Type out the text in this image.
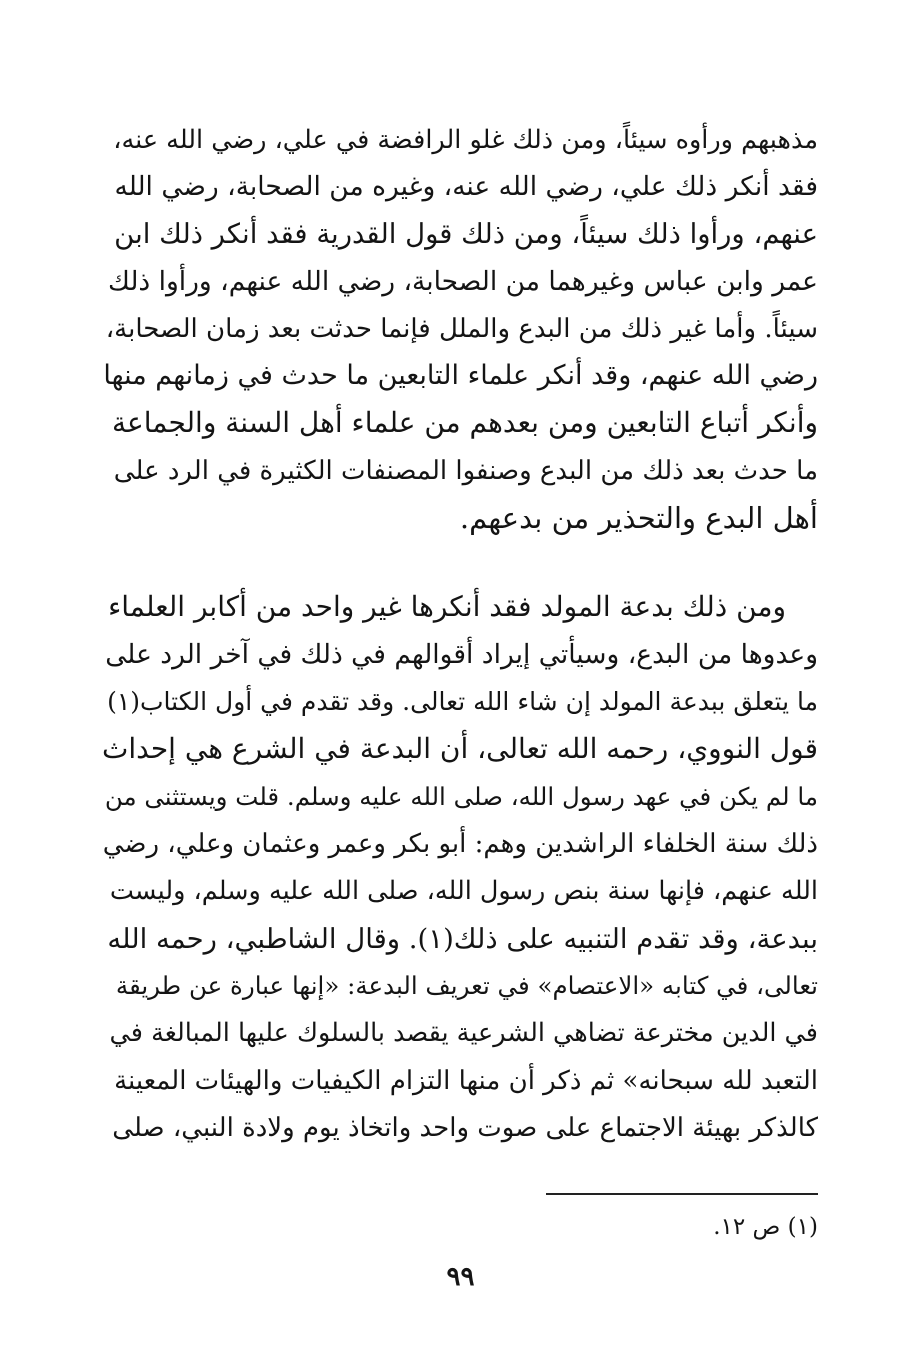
مذهبهم ورأوه سيئاً، ومن ذلك غلو الرافضة في علي، رضي الله عنه،
فقد أنكر ذلك علي، رضي الله عنه، وغيره من الصحابة، رضي الله
عنهم، ورأوا ذلك سيئاً، ومن ذلك قول القدرية فقد أنكر ذلك ابن
عمر وابن عباس وغيرهما من الصحابة، رضي الله عنهم، ورأوا ذلك
سيئاً. وأما غير ذلك من البدع والملل فإنما حدثت بعد زمان الصحابة،
رضي الله عنهم، وقد أنكر علماء التابعين ما حدث في زمانهم منها
وأنكر أتباع التابعين ومن بعدهم من علماء أهل السنة والجماعة
ما حدث بعد ذلك من البدع وصنفوا المصنفات الكثيرة في الرد على
أهل البدع والتحذير من بدعهم.
ومن ذلك بدعة المولد فقد أنكرها غير واحد من أكابر العلماء
وعدوها من البدع، وسيأتي إيراد أقوالهم في ذلك في آخر الرد على
ما يتعلق ببدعة المولد إن شاء الله تعالى. وقد تقدم في أول الكتاب(١)
قول النووي، رحمه الله تعالى، أن البدعة في الشرع هي إحداث
ما لم يكن في عهد رسول الله، صلى الله عليه وسلم. قلت ويستثنى من
ذلك سنة الخلفاء الراشدين وهم: أبو بكر وعمر وعثمان وعلي، رضي
الله عنهم، فإنها سنة بنص رسول الله، صلى الله عليه وسلم، وليست
ببدعة، وقد تقدم التنبيه على ذلك(١). وقال الشاطبي، رحمه الله
تعالى، في كتابه «الاعتصام» في تعريف البدعة: «إنها عبارة عن طريقة
في الدين مخترعة تضاهي الشرعية يقصد بالسلوك عليها المبالغة في
التعبد لله سبحانه» ثم ذكر أن منها التزام الكيفيات والهيئات المعينة
كالذكر بهيئة الاجتماع على صوت واحد واتخاذ يوم ولادة النبي، صلى
(١) ص ١٢.
٩٩
